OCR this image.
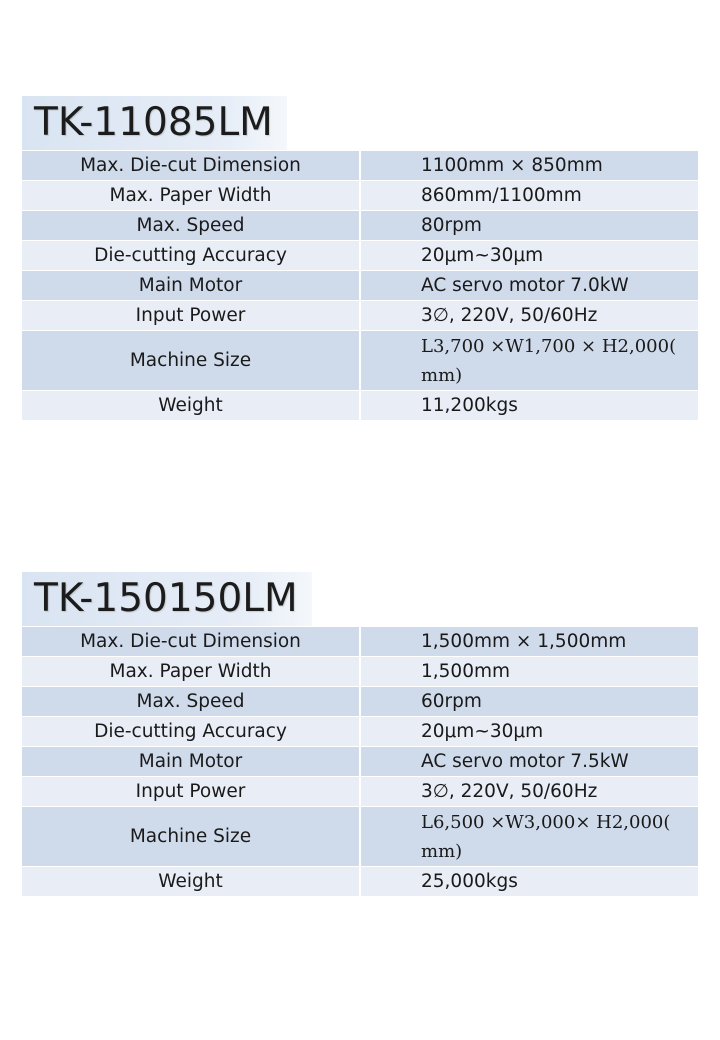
TK-11085LM
Max. Die-cut Dimension	1100mm × 850mm
Max. Paper Width	860mm/1100mm
Max. Speed	80rpm
Die-cutting Accuracy	20μm~30μm
Main Motor	AC servo motor 7.0kW
Input Power	3∅, 220V, 50/60Hz
Machine Size	L3,700 ×W1,700 × H2,000( mm)
Weight	11,200kgs
TK-150150LM
Max. Die-cut Dimension	1,500mm × 1,500mm
Max. Paper Width	1,500mm
Max. Speed	60rpm
Die-cutting Accuracy	20μm~30μm
Main Motor	AC servo motor 7.5kW
Input Power	3∅, 220V, 50/60Hz
Machine Size	L6,500 ×W3,000× H2,000( mm)
Weight	25,000kgs
